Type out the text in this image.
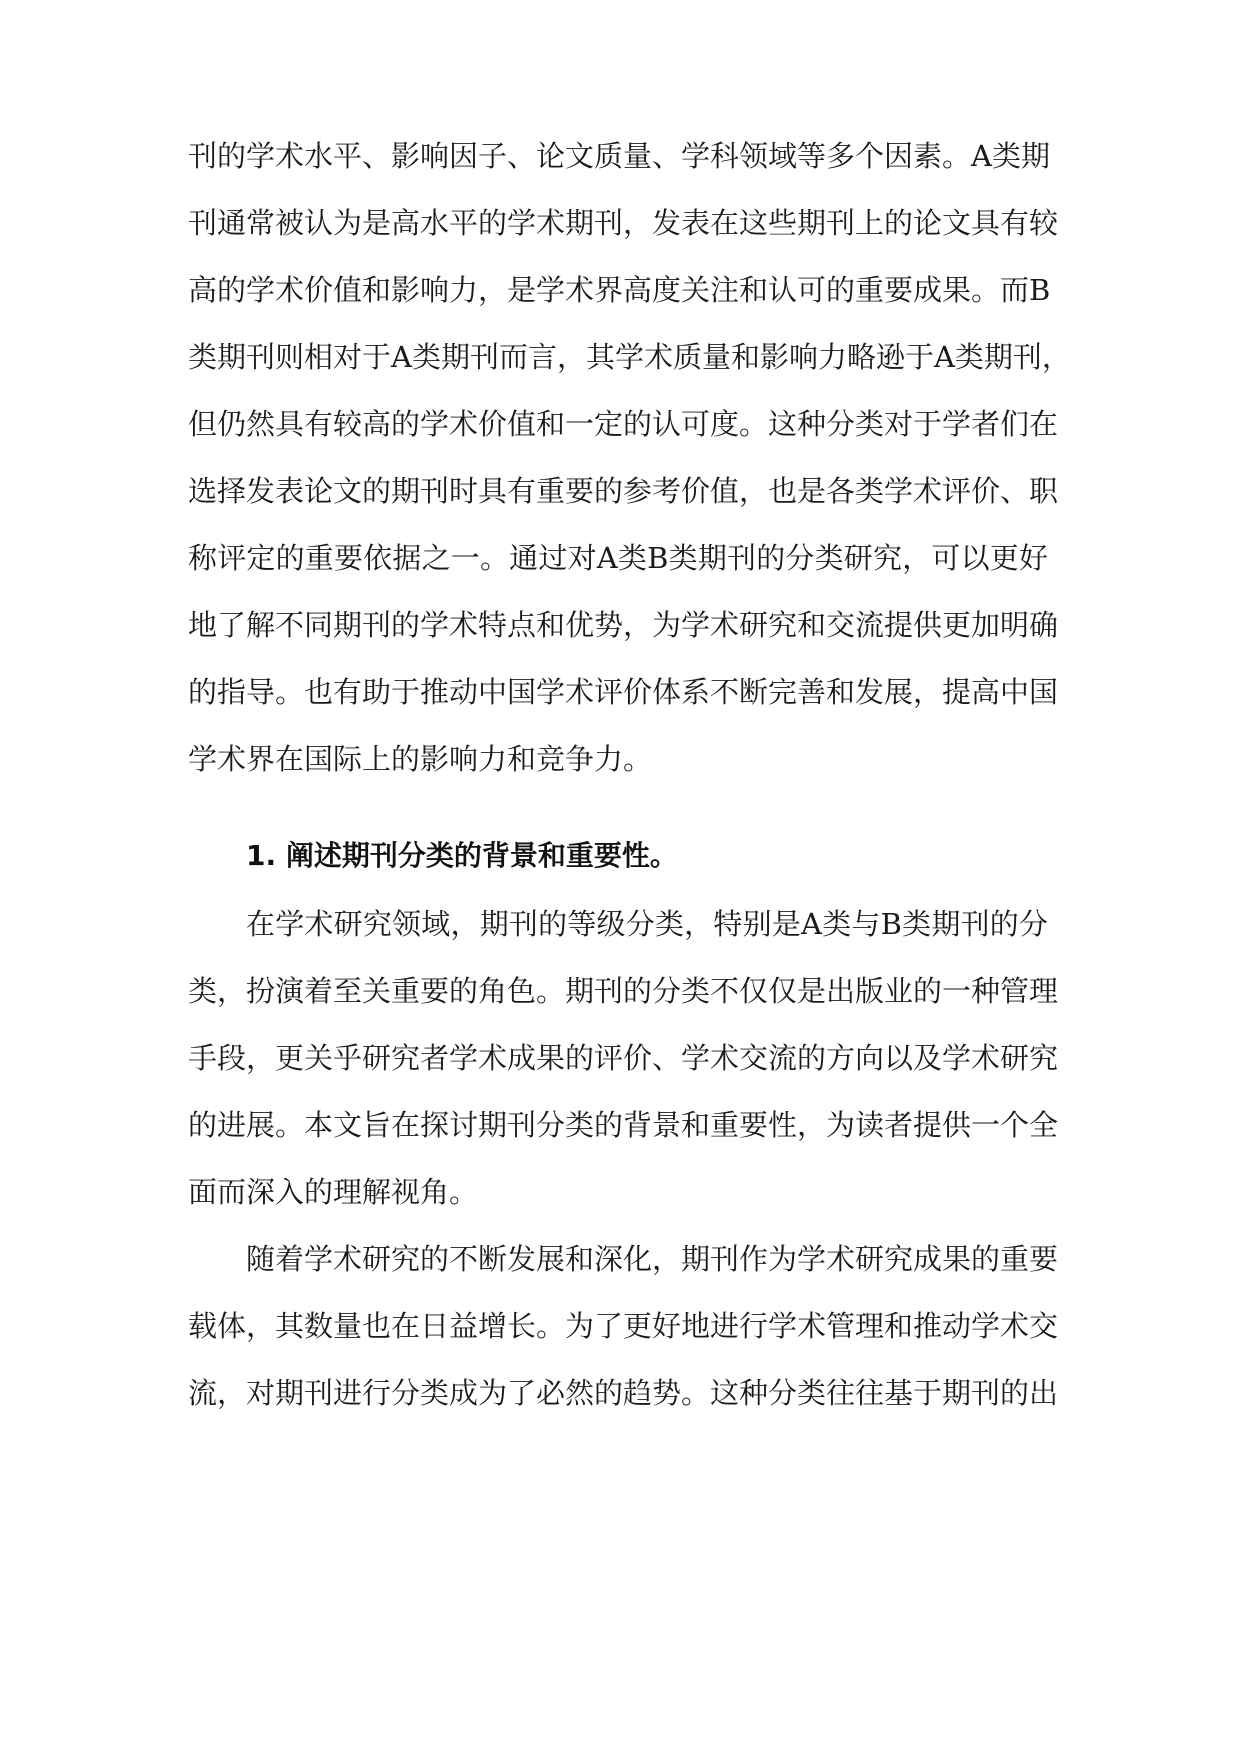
刊的学术水平、影响因子、论文质量、学科领域等多个因素。A类期
刊通常被认为是高水平的学术期刊，发表在这些期刊上的论文具有较
高的学术价值和影响力，是学术界高度关注和认可的重要成果。而B
类期刊则相对于A类期刊而言，其学术质量和影响力略逊于A类期刊，
但仍然具有较高的学术价值和一定的认可度。这种分类对于学者们在
选择发表论文的期刊时具有重要的参考价值，也是各类学术评价、职
称评定的重要依据之一。通过对A类B类期刊的分类研究，可以更好
地了解不同期刊的学术特点和优势，为学术研究和交流提供更加明确
的指导。也有助于推动中国学术评价体系不断完善和发展，提高中国
学术界在国际上的影响力和竞争力。
1. 阐述期刊分类的背景和重要性。
在学术研究领域，期刊的等级分类，特别是A类与B类期刊的分
类，扮演着至关重要的角色。期刊的分类不仅仅是出版业的一种管理
手段，更关乎研究者学术成果的评价、学术交流的方向以及学术研究
的进展。本文旨在探讨期刊分类的背景和重要性，为读者提供一个全
面而深入的理解视角。
随着学术研究的不断发展和深化，期刊作为学术研究成果的重要
载体，其数量也在日益增长。为了更好地进行学术管理和推动学术交
流，对期刊进行分类成为了必然的趋势。这种分类往往基于期刊的出
